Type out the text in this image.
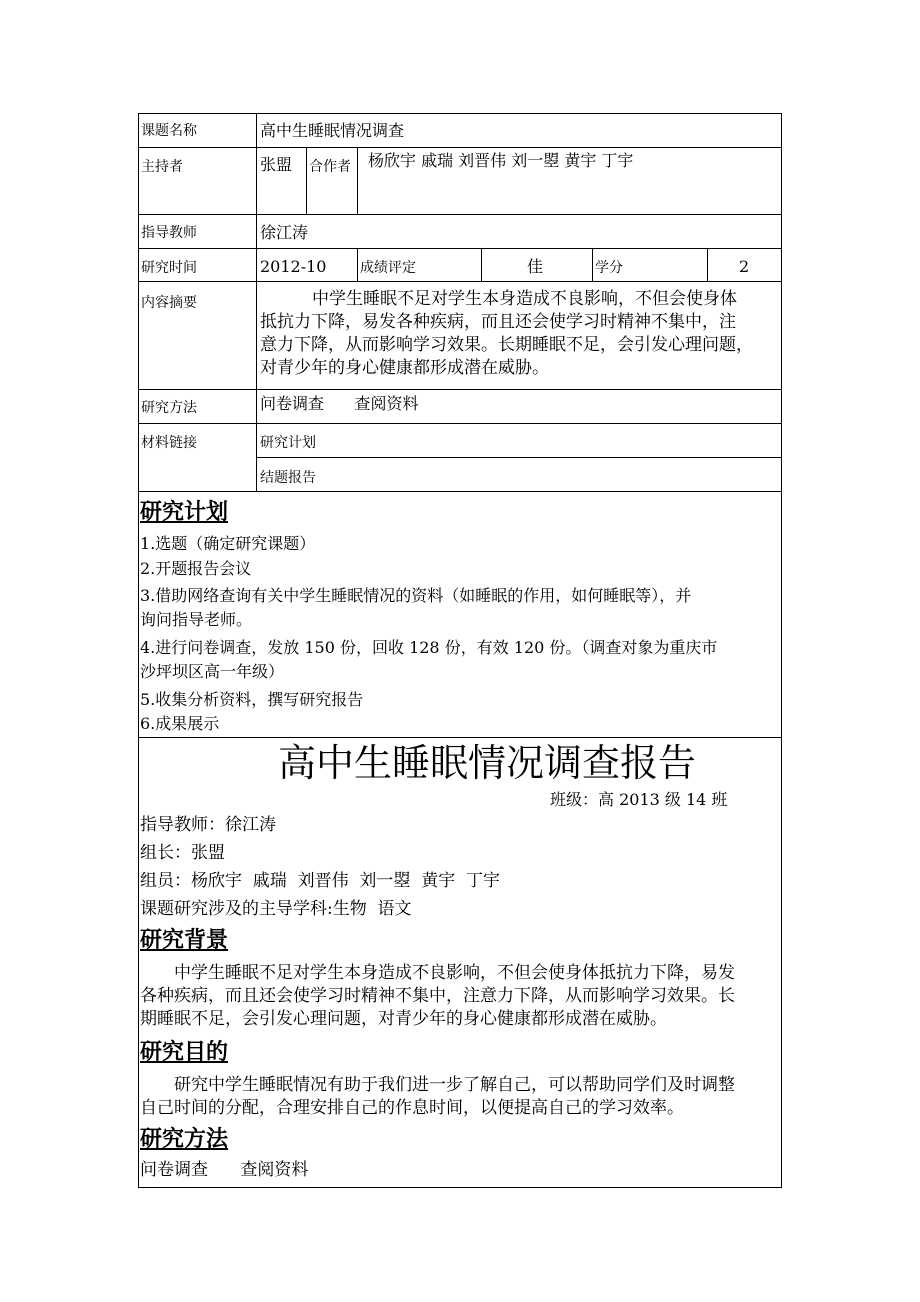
课题名称	高中生睡眠情况调查
主持者	张盟 合作者 杨欣宇 戚瑞 刘晋伟 刘一曌 黄宇 丁宇
指导教师	徐江涛
研究时间	2012-10 成绩评定	佳	学分	2
内容摘要	中学生睡眠不足对学生本身造成不良影响，不但会使身体
抵抗力下降，易发各种疾病，而且还会使学习时精神不集中，注
意力下降，从而影响学习效果。长期睡眠不足，会引发心理问题，
对青少年的身心健康都形成潜在威胁。
研究方法	问卷调查      查阅资料
材料链接	研究计划
结题报告
研究计划
1.选题（确定研究课题）
2.开题报告会议
3.借助网络查询有关中学生睡眠情况的资料（如睡眠的作用，如何睡眠等），并
询问指导老师。
4.进行问卷调查，发放 150 份，回收 128 份，有效 120 份。（调查对象为重庆市
沙坪坝区高一年级）
5.收集分析资料，撰写研究报告
6.成果展示
高中生睡眠情况调查报告
班级：高 2013 级 14 班
指导教师：徐江涛
组长：张盟
组员：杨欣宇  戚瑞  刘晋伟  刘一曌  黄宇  丁宇
课题研究涉及的主导学科:生物  语文
研究背景
中学生睡眠不足对学生本身造成不良影响，不但会使身体抵抗力下降，易发
各种疾病，而且还会使学习时精神不集中，注意力下降，从而影响学习效果。长
期睡眠不足，会引发心理问题，对青少年的身心健康都形成潜在威胁。
研究目的
研究中学生睡眠情况有助于我们进一步了解自己，可以帮助同学们及时调整
自己时间的分配，合理安排自己的作息时间，以便提高自己的学习效率。
研究方法
问卷调查      查阅资料
